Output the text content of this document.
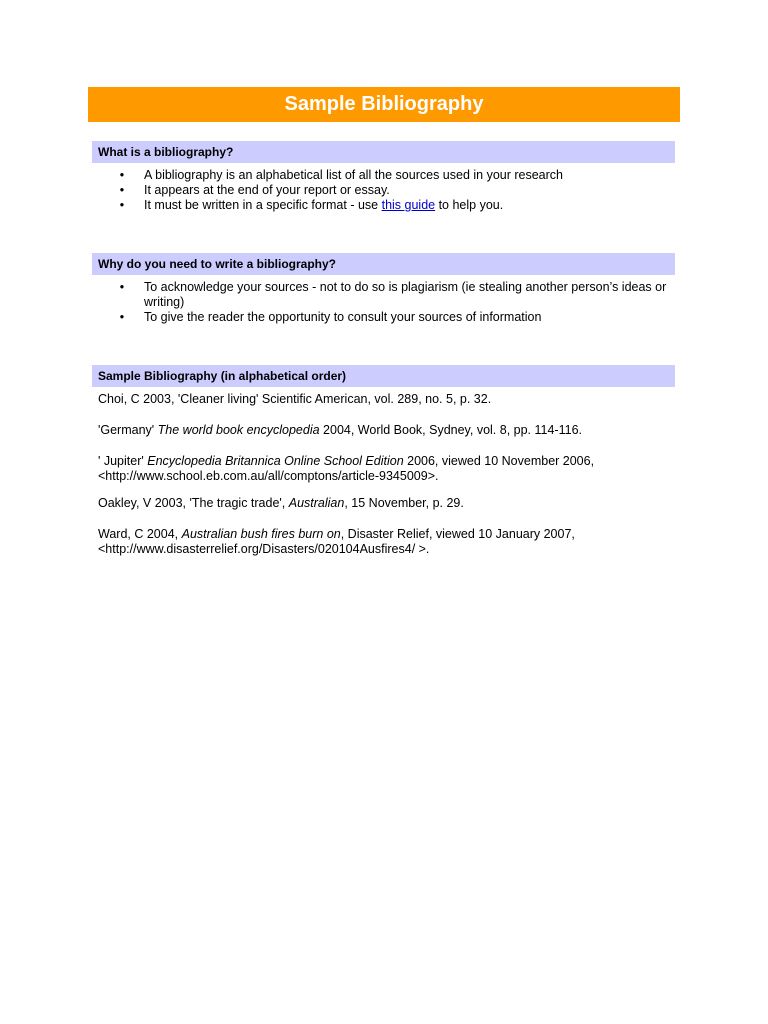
Sample Bibliography
What is a bibliography?
• A bibliography is an alphabetical list of all the sources used in your research
• It appears at the end of your report or essay.
• It must be written in a specific format - use this guide to help you.
Why do you need to write a bibliography?
• To acknowledge your sources - not to do so is plagiarism (ie stealing another person’s ideas or writing)
• To give the reader the opportunity to consult your sources of information
Sample Bibliography (in alphabetical order)

Choi, C 2003, 'Cleaner living' Scientific American, vol. 289, no. 5, p. 32.

'Germany' The world book encyclopedia 2004, World Book, Sydney, vol. 8, pp. 114-116.

' Jupiter' Encyclopedia Britannica Online School Edition 2006, viewed 10 November 2006, <http://www.school.eb.com.au/all/comptons/article-9345009>.

Oakley, V 2003, 'The tragic trade', Australian, 15 November, p. 29.

Ward, C 2004, Australian bush fires burn on, Disaster Relief, viewed 10 January 2007, <http://www.disasterrelief.org/Disasters/020104Ausfires4/ >.
